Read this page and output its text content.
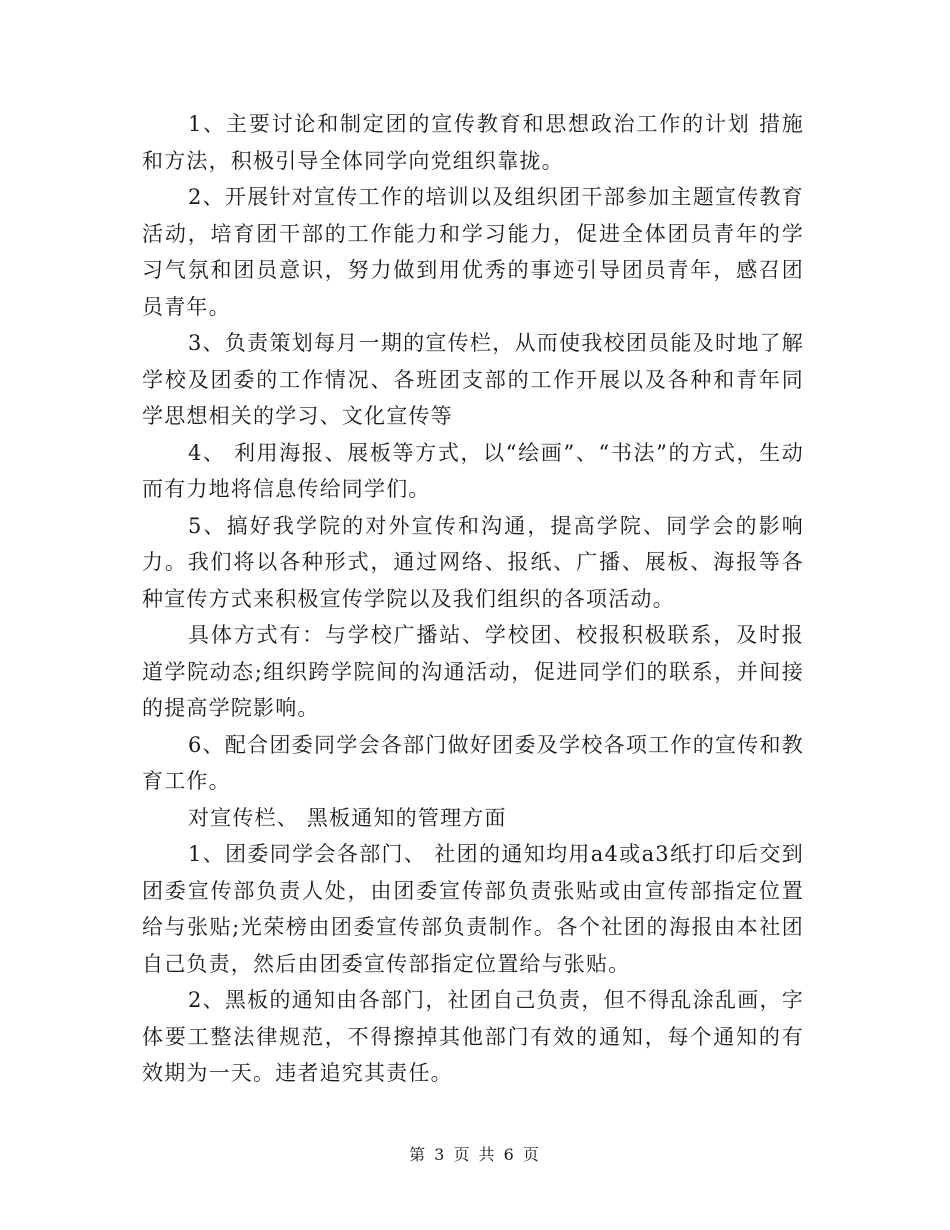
1、主要讨论和制定团的宣传教育和思想政治工作的计划 措施和方法，积极引导全体同学向党组织靠拢。

2、开展针对宣传工作的培训以及组织团干部参加主题宣传教育活动，培育团干部的工作能力和学习能力，促进全体团员青年的学习气氛和团员意识，努力做到用优秀的事迹引导团员青年，感召团员青年。

3、负责策划每月一期的宣传栏，从而使我校团员能及时地了解学校及团委的工作情况、各班团支部的工作开展以及各种和青年同学思想相关的学习、文化宣传等

4、 利用海报、展板等方式，以“绘画”、“书法”的方式，生动而有力地将信息传给同学们。

5、搞好我学院的对外宣传和沟通，提高学院、同学会的影响力。我们将以各种形式，通过网络、报纸、广播、展板、海报等各种宣传方式来积极宣传学院以及我们组织的各项活动。

具体方式有：与学校广播站、学校团、校报积极联系，及时报道学院动态;组织跨学院间的沟通活动，促进同学们的联系，并间接的提高学院影响。

6、配合团委同学会各部门做好团委及学校各项工作的宣传和教育工作。

对宣传栏、 黑板通知的管理方面

1、团委同学会各部门、 社团的通知均用a4或a3纸打印后交到团委宣传部负责人处，由团委宣传部负责张贴或由宣传部指定位置给与张贴;光荣榜由团委宣传部负责制作。各个社团的海报由本社团自己负责，然后由团委宣传部指定位置给与张贴。

2、黑板的通知由各部门，社团自己负责，但不得乱涂乱画，字体要工整法律规范，不得擦掉其他部门有效的通知，每个通知的有效期为一天。违者追究其责任。

第 3 页 共 6 页
